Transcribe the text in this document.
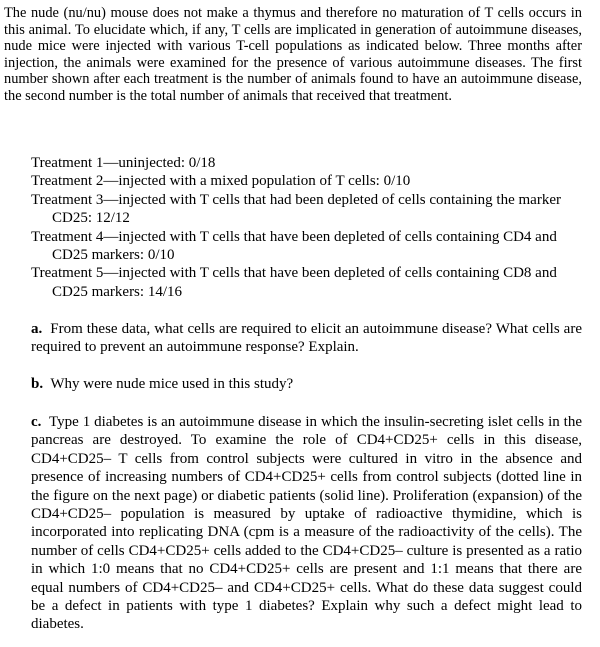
The nude (nu/nu) mouse does not make a thymus and therefore no maturation of T cells occurs in this animal. To elucidate which, if any, T cells are implicated in generation of autoimmune diseases, nude mice were injected with various T-cell populations as indicated below. Three months after injection, the animals were examined for the presence of various autoimmune diseases. The first number shown after each treatment is the number of animals found to have an autoimmune disease, the second number is the total number of animals that received that treatment.

Treatment 1—uninjected: 0/18
Treatment 2—injected with a mixed population of T cells: 0/10
Treatment 3—injected with T cells that had been depleted of cells containing the marker CD25: 12/12
Treatment 4—injected with T cells that have been depleted of cells containing CD4 and CD25 markers: 0/10
Treatment 5—injected with T cells that have been depleted of cells containing CD8 and CD25 markers: 14/16

a. From these data, what cells are required to elicit an autoimmune disease? What cells are required to prevent an autoimmune response? Explain.

b. Why were nude mice used in this study?

c. Type 1 diabetes is an autoimmune disease in which the insulin-secreting islet cells in the pancreas are destroyed. To examine the role of CD4+CD25+ cells in this disease, CD4+CD25– T cells from control subjects were cultured in vitro in the absence and presence of increasing numbers of CD4+CD25+ cells from control subjects (dotted line in the figure on the next page) or diabetic patients (solid line). Proliferation (expansion) of the CD4+CD25– population is measured by uptake of radioactive thymidine, which is incorporated into replicating DNA (cpm is a measure of the radioactivity of the cells). The number of cells CD4+CD25+ cells added to the CD4+CD25– culture is presented as a ratio in which 1:0 means that no CD4+CD25+ cells are present and 1:1 means that there are equal numbers of CD4+CD25– and CD4+CD25+ cells. What do these data suggest could be a defect in patients with type 1 diabetes? Explain why such a defect might lead to diabetes.
